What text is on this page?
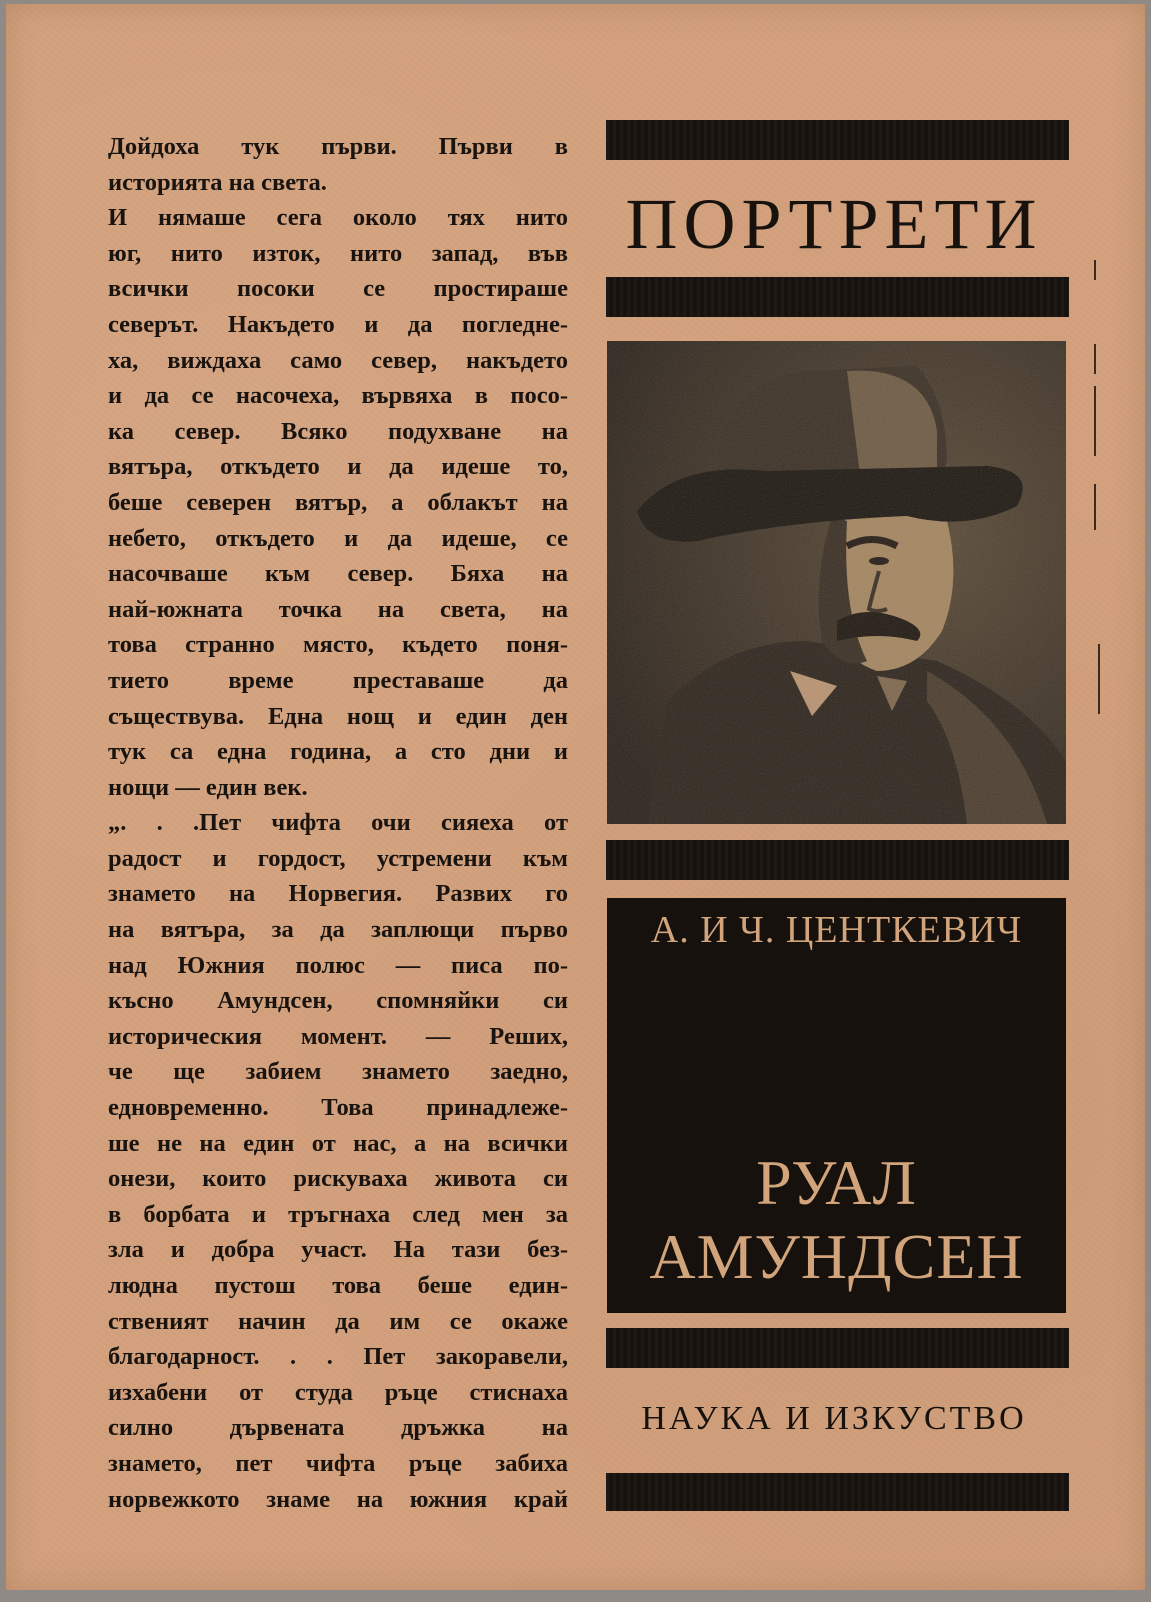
Дойдоха тук първи. Първи в
историята на света.
И нямаше сега около тях нито
юг, нито изток, нито запад, във
всички посоки се простираше
северът. Накъдето и да погледне-
ха, виждаха само север, накъдето
и да се насочеха, вървяха в посо-
ка север. Всяко подухване на
вятъра, откъдето и да идеше то,
беше северен вятър, а облакът на
небето, откъдето и да идеше, се
насочваше към север. Бяха на
най-южната точка на света, на
това странно място, където поня-
тието време преставаше да
съществува. Една нощ и един ден
тук са една година, а сто дни и
нощи — един век.
„. . .Пет чифта очи сияеха от
радост и гордост, устремени към
знамето на Норвегия. Развих го
на вятъра, за да заплющи първо
над Южния полюс — писа по-
късно Амундсен, спомняйки си
историческия момент. — Реших,
че ще забием знамето заедно,
едновременно. Това принадлеже-
ше не на един от нас, а на всички
онези, които рискуваха живота си
в борбата и тръгнаха след мен за
зла и добра участ. На тази без-
людна пустош това беше един-
ственият начин да им се окаже
благодарност. . . Пет закоравели,
изхабени от студа ръце стиснаха
силно дървената дръжка на
знамето, пет чифта ръце забиха
норвежкото знаме на южния край
ПОРТРЕТИ
А. И Ч. ЦЕНТКЕВИЧ
РУАЛ
АМУНДСЕН
НАУКА И ИЗКУСТВО
